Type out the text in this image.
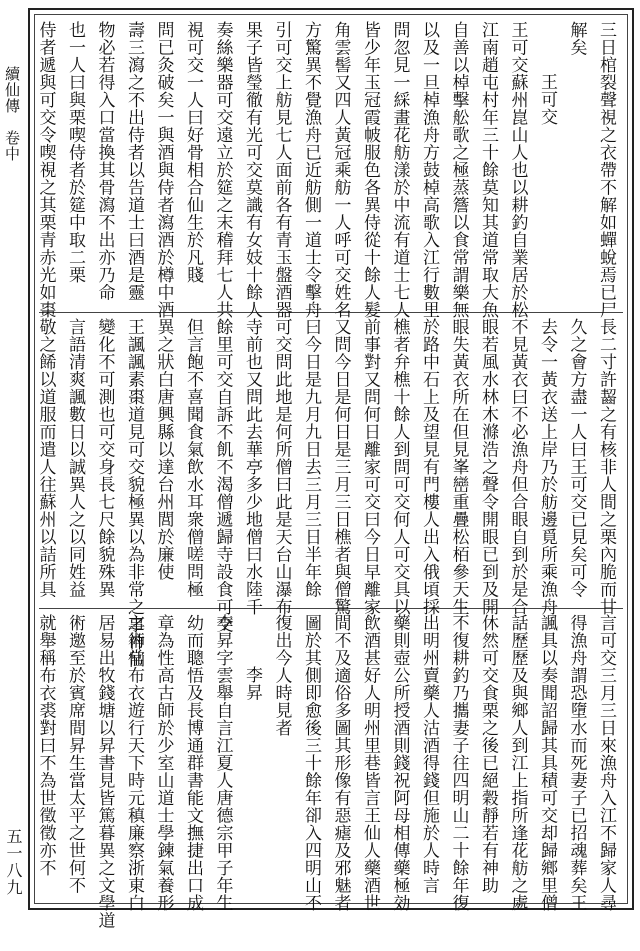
續仙傳　卷中
五一八九
三日棺裂聲視之衣帶不解如蟬蛻焉已尸
解矣
王可交
王可交蘇州崑山人也以耕釣自業居於松
江南趙屯村年三十餘莫知其道常取大魚
自善以棹擊舩歌之極蒸簷以食常謂樂無
以及一旦棹漁舟方鼓棹高歌入江行數里
問忽見一綵畫花舫漾於中流有道士七人
皆少年玉冠霞帔服色各異侍從十餘人髮
角雲髻又四人黃冠乘舫一人呼可交姓名
方驚異不覺漁舟已近舫側一道士令擊舟
引可交上舫見七人面前各有青玉盤酒器
果子皆瑩徹有光可交莫識有女妓十餘人
奏絲樂器可交遠立於筵之末稽拜七人共
視可交一人曰好骨相合仙生於凡賤
問已灸破矣一與酒與侍者瀉酒於樽中酒
壽三瀉之不出侍者以告道士曰酒是靈
物必若得入口當換其骨瀉不出亦乃命
也一人曰與栗喫侍者於筵中取二栗
侍者遞與可交令喫視之其栗青赤光如棗
長二寸許齧之有核非人間之栗內脆而甘
久之會方盡一人曰王可交已見矣可令
去令一黃衣送上岸乃於舫邊覓所乘漁舟
不見黃衣曰不必漁舟但合眼自到於是合
眼若風水林木滌浩之聲令開眼已到及開
眼失黃衣所在但見峯巒重疊松栢參天生
於路中石上及望見有門樓人出入俄頃採
樵者弁樵十餘人到問可交何人可交具以
前事對又問何日離家可交曰今日早離家
又問今日是何日是三月三日樵者與僧驚
曰今日是九月九日去三月三日半年餘
可交問此地是何所僧曰此是天台山瀑布
寺前也又問此去華亭多少地僧曰水陸千
餘里可交自訴不飢不渴僧遞歸寺設食可交
但言飽不喜聞食氣飲水耳衆僧嗟問極
異之狀白唐興縣以達台州閭於廉使
王諷諷素棗道見可交貌極異以為非常之事神仙
變化不可測也可交身長七尺餘貌殊異
言語清爽諷數日以誠異人之以同姓益
敬之餙以道服而遣人往蘇州以詰所具
言可交三月三日來漁舟入江不歸家人尋
得漁舟謂恐墮水而死妻子已招魂葬矣王
諷具以奏聞詔歸其具積可交却歸鄉里僧
話歷歷及與鄉人到江上指所逢花舫之處
休然可交食栗之後已絕穀靜若有神助
不復耕釣乃攜妻子往四明山二十餘年復
出明州賣藥人沽酒得錢但施於人時言
藥則壺公所授酒則錢祝阿母相傳藥極効
飲酒甚好人明州里巷皆言王仙人藥酒世
間不及適俗多圖其形像有惡瘧及邪魅者
圖於其側即愈後三十餘年卻入四明山不
復出今人時見者
李昇
李昇字雲舉自言江夏人唐德宗甲子年生
幼而聰悟及長博通群書能文撫捷出口成
章為性高古師於少室山道士學鍊氣養形
之術常布衣遊行天下時元稹廉察浙東白
居易出牧錢塘以昇書見皆篤暮異之文學道
術邀至於賓席間昇生當太平之世何不
就舉稱布衣裘對曰不為世徵徵亦不
